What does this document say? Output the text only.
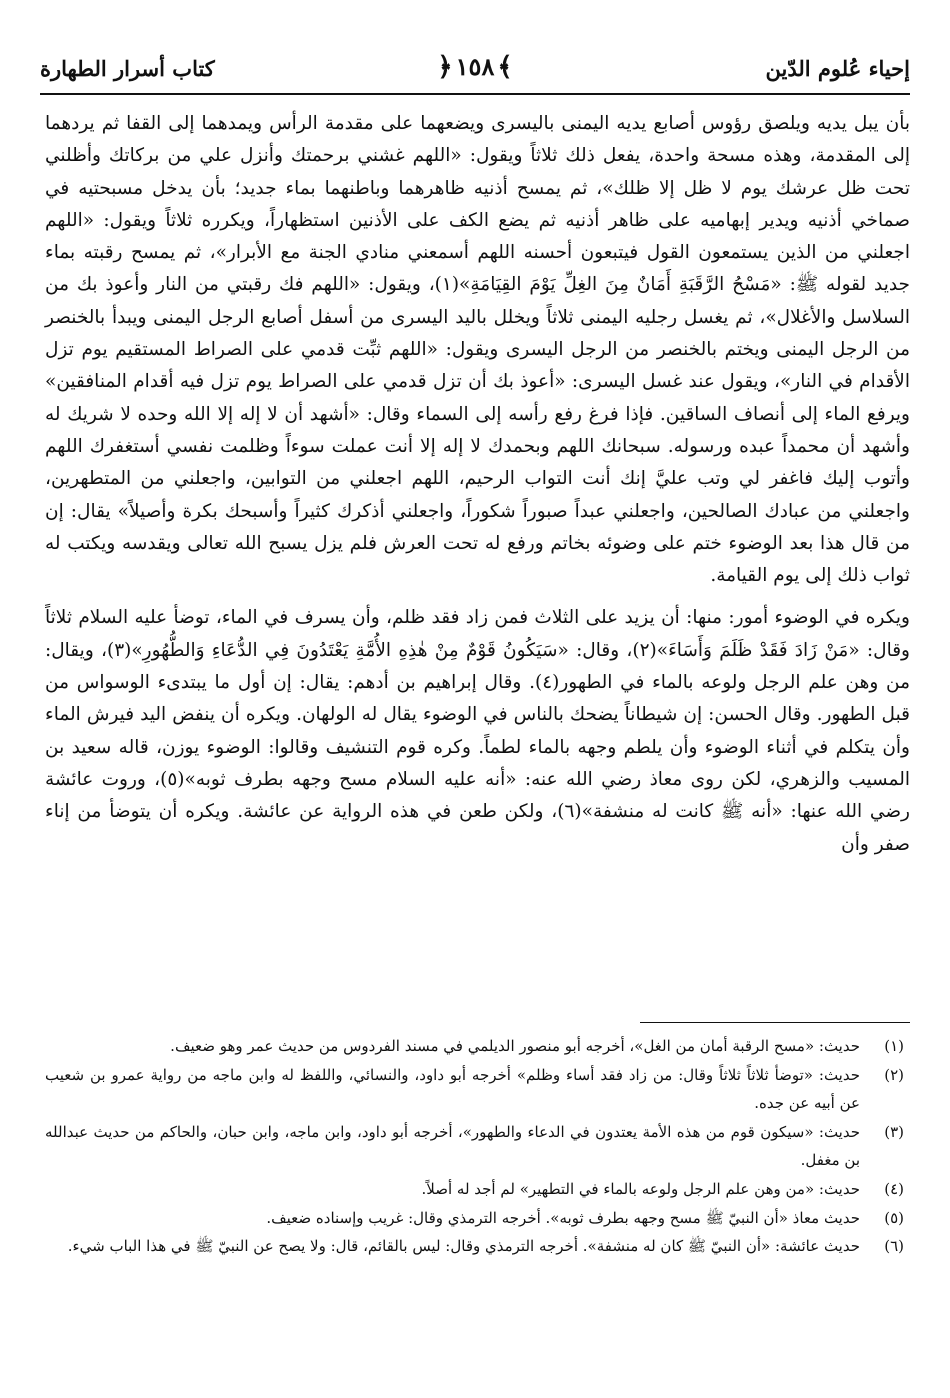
إحياء عُلوم الدّين
﴾١٥٨﴿
كتاب أسرار الطهارة

بأن يبل يديه ويلصق رؤوس أصابع يديه اليمنى باليسرى ويضعهما على مقدمة الرأس ويمدهما إلى القفا ثم يردهما إلى المقدمة، وهذه مسحة واحدة، يفعل ذلك ثلاثاً ويقول: «اللهم غشني برحمتك وأنزل علي من بركاتك وأظلني تحت ظل عرشك يوم لا ظل إلا ظلك»، ثم يمسح أذنيه ظاهرهما وباطنهما بماء جديد؛ بأن يدخل مسبحتيه في صماخي أذنيه ويدير إبهاميه على ظاهر أذنيه ثم يضع الكف على الأذنين استظهاراً، ويكرره ثلاثاً ويقول: «اللهم اجعلني من الذين يستمعون القول فيتبعون أحسنه اللهم أسمعني منادي الجنة مع الأبرار»، ثم يمسح رقبته بماء جديد لقوله ﷺ: «مَسْحُ الرَّقَبَةِ أَمَانٌ مِنَ الغِلِّ يَوْمَ القِيَامَةِ»(١)، ويقول: «اللهم فك رقبتي من النار وأعوذ بك من السلاسل والأغلال»، ثم يغسل رجليه اليمنى ثلاثاً ويخلل باليد اليسرى من أسفل أصابع الرجل اليمنى ويبدأ بالخنصر من الرجل اليمنى ويختم بالخنصر من الرجل اليسرى ويقول: «اللهم ثبِّت قدمي على الصراط المستقيم يوم تزل الأقدام في النار»، ويقول عند غسل اليسرى: «أعوذ بك أن تزل قدمي على الصراط يوم تزل فيه أقدام المنافقين» ويرفع الماء إلى أنصاف الساقين. فإذا فرغ رفع رأسه إلى السماء وقال: «أشهد أن لا إله إلا الله وحده لا شريك له وأشهد أن محمداً عبده ورسوله. سبحانك اللهم وبحمدك لا إله إلا أنت عملت سوءاً وظلمت نفسي أستغفرك اللهم وأتوب إليك فاغفر لي وتب عليَّ إنك أنت التواب الرحيم، اللهم اجعلني من التوابين، واجعلني من المتطهرين، واجعلني من عبادك الصالحين، واجعلني عبداً صبوراً شكوراً، واجعلني أذكرك كثيراً وأسبحك بكرة وأصيلاً» يقال: إن من قال هذا بعد الوضوء ختم على وضوئه بخاتم ورفع له تحت العرش فلم يزل يسبح الله تعالى ويقدسه ويكتب له ثواب ذلك إلى يوم القيامة.

ويكره في الوضوء أمور: منها: أن يزيد على الثلاث فمن زاد فقد ظلم، وأن يسرف في الماء، توضأ عليه السلام ثلاثاً وقال: «مَنْ زَادَ فَقَدْ ظَلَمَ وَأَسَاءَ»(٢)، وقال: «سَيَكُونُ قَوْمٌ مِنْ هٰذِهِ الأُمَّةِ يَعْتَدُونَ فِي الدُّعَاءِ وَالطُّهُورِ»(٣)، ويقال: من وهن علم الرجل ولوعه بالماء في الطهور(٤). وقال إبراهيم بن أدهم: يقال: إن أول ما يبتدىء الوسواس من قبل الطهور. وقال الحسن: إن شيطاناً يضحك بالناس في الوضوء يقال له الولهان. ويكره أن ينفض اليد فيرش الماء وأن يتكلم في أثناء الوضوء وأن يلطم وجهه بالماء لطماً. وكره قوم التنشيف وقالوا: الوضوء يوزن، قاله سعيد بن المسيب والزهري، لكن روى معاذ رضي الله عنه: «أنه عليه السلام مسح وجهه بطرف ثوبه»(٥)، وروت عائشة رضي الله عنها: «أنه ﷺ كانت له منشفة»(٦)، ولكن طعن في هذه الرواية عن عائشة. ويكره أن يتوضأ من إناء صفر وأن

(١)
حديث: «مسح الرقبة أمان من الغل»، أخرجه أبو منصور الديلمي في مسند الفردوس من حديث عمر وهو ضعيف.
(٢)
حديث: «توضأ ثلاثاً ثلاثاً وقال: من زاد فقد أساء وظلم» أخرجه أبو داود، والنسائي، واللفظ له وابن ماجه من رواية عمرو بن شعيب عن أبيه عن جده.
(٣)
حديث: «سيكون قوم من هذه الأمة يعتدون في الدعاء والطهور»، أخرجه أبو داود، وابن ماجه، وابن حبان، والحاكم من حديث عبدالله بن مغفل.
(٤)
حديث: «من وهن علم الرجل ولوعه بالماء في التطهير» لم أجد له أصلاً.
(٥)
حديث معاذ «أن النبيّ ﷺ مسح وجهه بطرف ثوبه». أخرجه الترمذي وقال: غريب وإسناده ضعيف.
(٦)
حديث عائشة: «أن النبيّ ﷺ كان له منشفة». أخرجه الترمذي وقال: ليس بالقائم، قال: ولا يصح عن النبيّ ﷺ في هذا الباب شيء.
